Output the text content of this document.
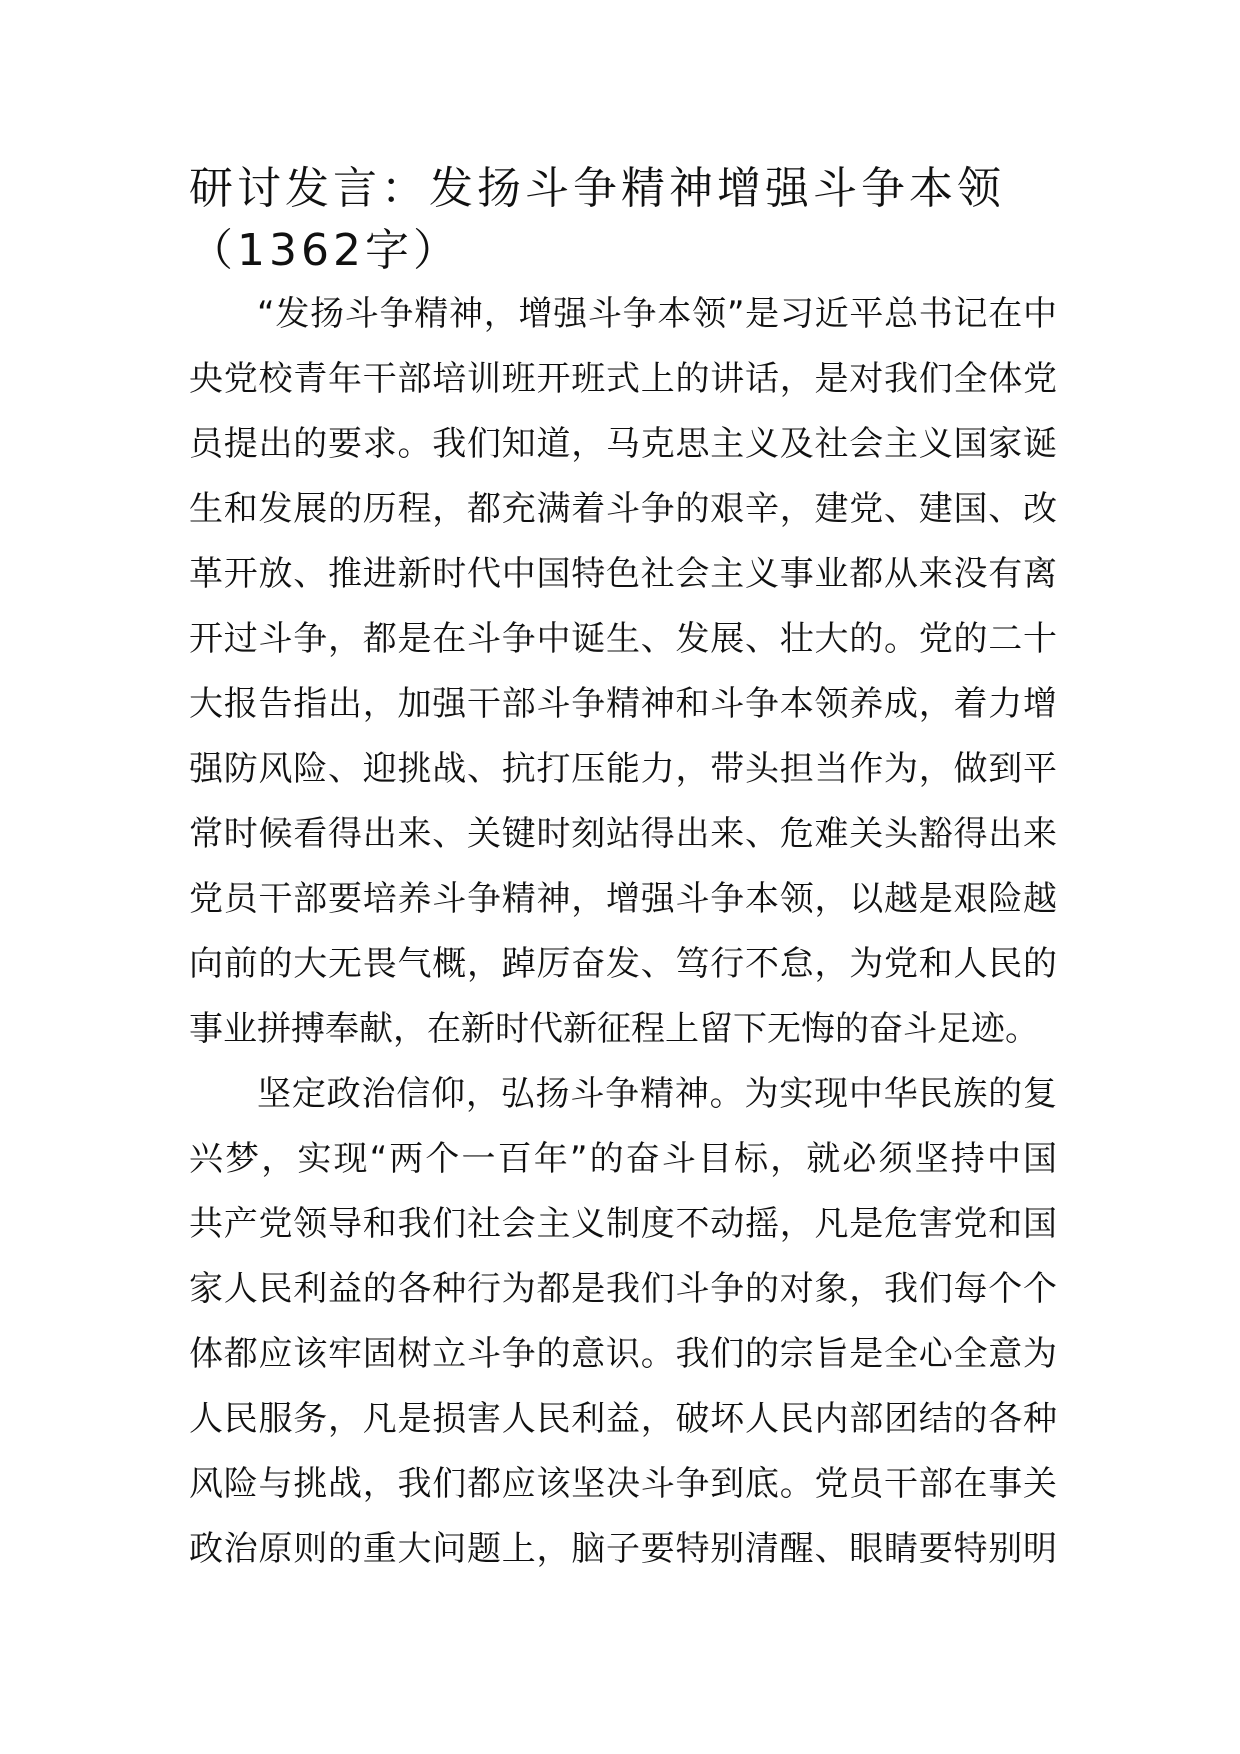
研讨发言：发扬斗争精神增强斗争本领
（1362字）
“发扬斗争精神，增强斗争本领”是习近平总书记在中
央党校青年干部培训班开班式上的讲话，是对我们全体党
员提出的要求。我们知道，马克思主义及社会主义国家诞
生和发展的历程，都充满着斗争的艰辛，建党、建国、改
革开放、推进新时代中国特色社会主义事业都从来没有离
开过斗争，都是在斗争中诞生、发展、壮大的。党的二十
大报告指出，加强干部斗争精神和斗争本领养成，着力增
强防风险、迎挑战、抗打压能力，带头担当作为，做到平
常时候看得出来、关键时刻站得出来、危难关头豁得出来
党员干部要培养斗争精神，增强斗争本领，以越是艰险越
向前的大无畏气概，踔厉奋发、笃行不怠，为党和人民的
事业拼搏奉献，在新时代新征程上留下无悔的奋斗足迹。
坚定政治信仰，弘扬斗争精神。为实现中华民族的复
兴梦，实现“两个一百年”的奋斗目标，就必须坚持中国
共产党领导和我们社会主义制度不动摇，凡是危害党和国
家人民利益的各种行为都是我们斗争的对象，我们每个个
体都应该牢固树立斗争的意识。我们的宗旨是全心全意为
人民服务，凡是损害人民利益，破坏人民内部团结的各种
风险与挑战，我们都应该坚决斗争到底。党员干部在事关
政治原则的重大问题上，脑子要特别清醒、眼睛要特别明
